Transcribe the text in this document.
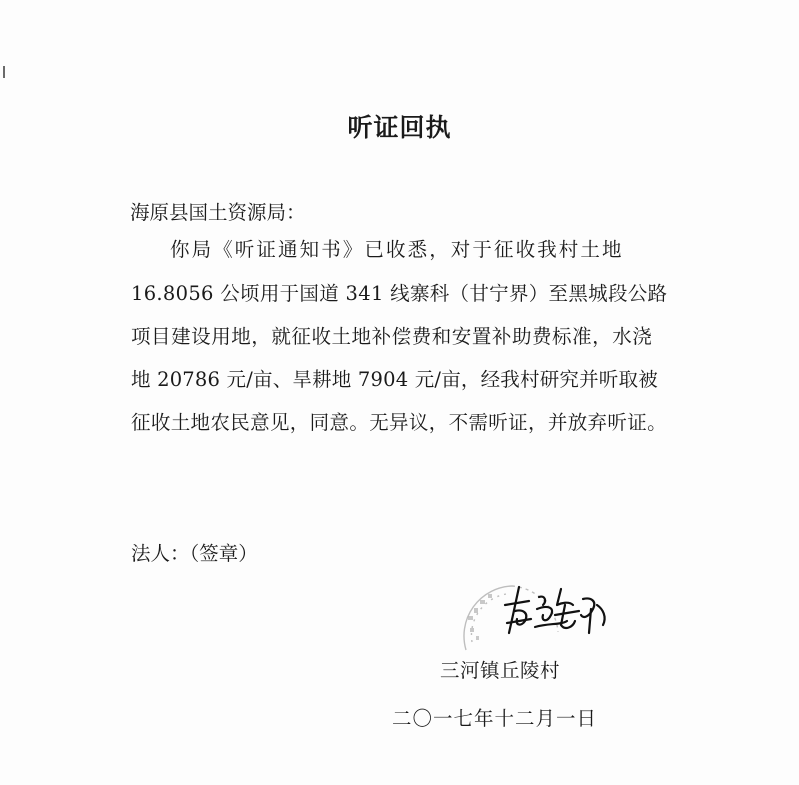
听证回执
海原县国土资源局：
你局《听证通知书》已收悉，对于征收我村土地
16.8056 公顷用于国道 341 线寨科（甘宁界）至黑城段公路
项目建设用地，就征收土地补偿费和安置补助费标准，水浇
地 20786 元/亩、旱耕地 7904 元/亩，经我村研究并听取被
征收土地农民意见，同意。无异议，不需听证，并放弃听证。
法人：（签章）
三河镇丘陵村
二〇一七年十二月一日
